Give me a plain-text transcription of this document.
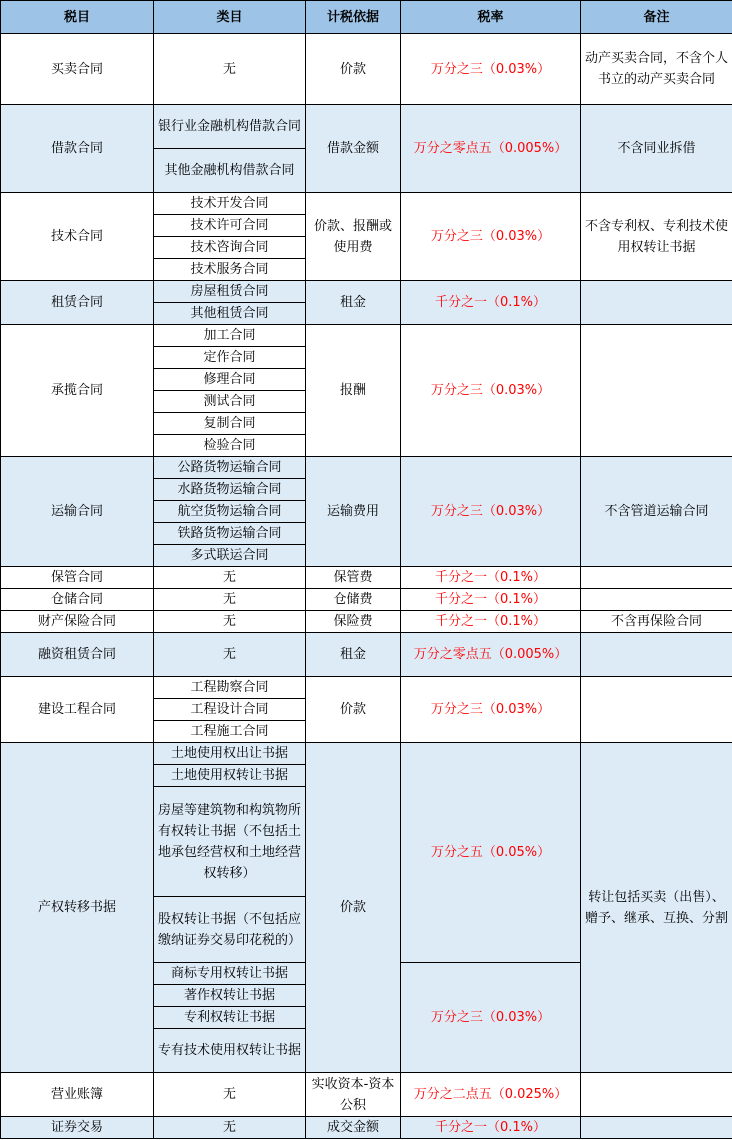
税目	类目	计税依据	税率	备注
买卖合同	无	价款	万分之三（0.03%）	动产买卖合同，不含个人书立的动产买卖合同
借款合同	银行业金融机构借款合同	借款金额	万分之零点五（0.005%）	不含同业拆借
	其他金融机构借款合同			
技术合同	技术开发合同	价款、报酬或使用费	万分之三（0.03%）	不含专利权、专利技术使用权转让书据
	技术许可合同			
	技术咨询合同			
	技术服务合同			
租赁合同	房屋租赁合同	租金	千分之一（0.1%）	
	其他租赁合同			
承揽合同	加工合同	报酬	万分之三（0.03%）	
	定作合同			
	修理合同			
	测试合同			
	复制合同			
	检验合同			
运输合同	公路货物运输合同	运输费用	万分之三（0.03%）	不含管道运输合同
	水路货物运输合同			
	航空货物运输合同			
	铁路货物运输合同			
	多式联运合同			
保管合同	无	保管费	千分之一（0.1%）	
仓储合同	无	仓储费	千分之一（0.1%）	
财产保险合同	无	保险费	千分之一（0.1%）	不含再保险合同
融资租赁合同	无	租金	万分之零点五（0.005%）	
建设工程合同	工程勘察合同	价款	万分之三（0.03%）	
	工程设计合同			
	工程施工合同			
产权转移书据	土地使用权出让书据	价款	万分之五（0.05%）	转让包括买卖（出售）、赠予、继承、互换、分割
	土地使用权转让书据			
	房屋等建筑物和构筑物所有权转让书据（不包括土地承包经营权和土地经营权转移）			
	股权转让书据（不包括应缴纳证券交易印花税的）			
	商标专用权转让书据		万分之三（0.03%）	
	著作权转让书据			
	专利权转让书据			
	专有技术使用权转让书据			
营业账簿	无	实收资本-资本公积	万分之二点五（0.025%）	
证券交易	无	成交金额	千分之一（0.1%）	
